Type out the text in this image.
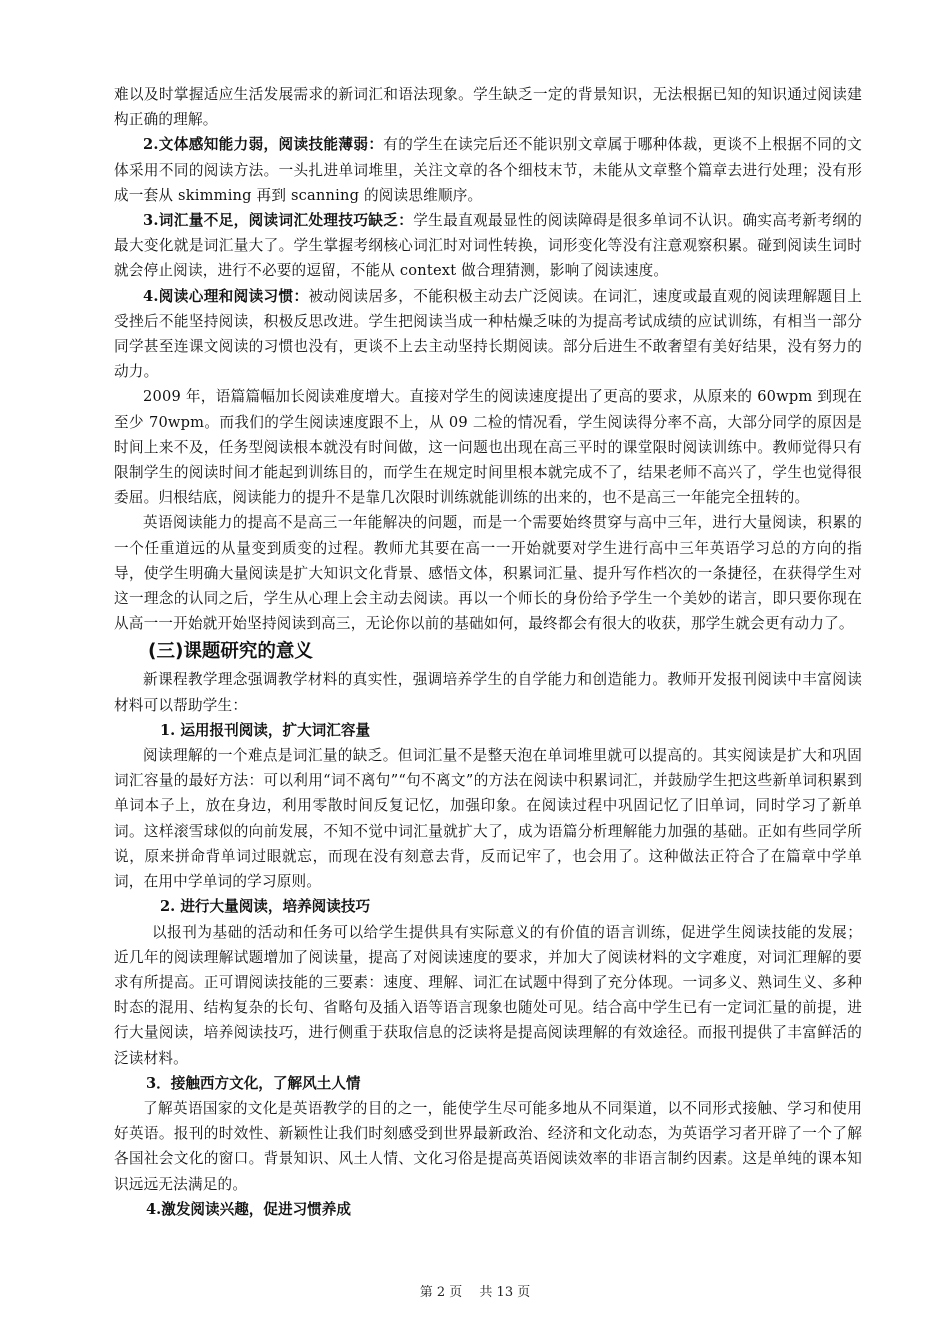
难以及时掌握适应生活发展需求的新词汇和语法现象。学生缺乏一定的背景知识，无法根据已知的知识通过阅读建构正确的理解。

2.文体感知能力弱，阅读技能薄弱：有的学生在读完后还不能识别文章属于哪种体裁，更谈不上根据不同的文体采用不同的阅读方法。一头扎进单词堆里，关注文章的各个细枝末节，未能从文章整个篇章去进行处理；没有形成一套从 skimming 再到 scanning 的阅读思维顺序。

3.词汇量不足，阅读词汇处理技巧缺乏：学生最直观最显性的阅读障碍是很多单词不认识。确实高考新考纲的最大变化就是词汇量大了。学生掌握考纲核心词汇时对词性转换，词形变化等没有注意观察积累。碰到阅读生词时就会停止阅读，进行不必要的逗留，不能从 context 做合理猜测，影响了阅读速度。

4.阅读心理和阅读习惯：被动阅读居多，不能积极主动去广泛阅读。在词汇，速度或最直观的阅读理解题目上受挫后不能坚持阅读，积极反思改进。学生把阅读当成一种枯燥乏味的为提高考试成绩的应试训练，有相当一部分同学甚至连课文阅读的习惯也没有，更谈不上去主动坚持长期阅读。部分后进生不敢奢望有美好结果，没有努力的动力。

2009 年，语篇篇幅加长阅读难度增大。直接对学生的阅读速度提出了更高的要求，从原来的 60wpm 到现在至少 70wpm。而我们的学生阅读速度跟不上，从 09 二检的情况看，学生阅读得分率不高，大部分同学的原因是时间上来不及，任务型阅读根本就没有时间做，这一问题也出现在高三平时的课堂限时阅读训练中。教师觉得只有限制学生的阅读时间才能起到训练目的，而学生在规定时间里根本就完成不了，结果老师不高兴了，学生也觉得很委屈。归根结底，阅读能力的提升不是靠几次限时训练就能训练的出来的，也不是高三一年能完全扭转的。

英语阅读能力的提高不是高三一年能解决的问题，而是一个需要始终贯穿与高中三年，进行大量阅读，积累的一个任重道远的从量变到质变的过程。教师尤其要在高一一开始就要对学生进行高中三年英语学习总的方向的指导，使学生明确大量阅读是扩大知识文化背景、感悟文体，积累词汇量、提升写作档次的一条捷径，在获得学生对这一理念的认同之后，学生从心理上会主动去阅读。再以一个师长的身份给予学生一个美妙的诺言，即只要你现在从高一一开始就开始坚持阅读到高三，无论你以前的基础如何，最终都会有很大的收获，那学生就会更有动力了。

(三)课题研究的意义

新课程教学理念强调教学材料的真实性，强调培养学生的自学能力和创造能力。教师开发报刊阅读中丰富阅读材料可以帮助学生：

1. 运用报刊阅读，扩大词汇容量

阅读理解的一个难点是词汇量的缺乏。但词汇量不是整天泡在单词堆里就可以提高的。其实阅读是扩大和巩固词汇容量的最好方法：可以利用“词不离句”“句不离文”的方法在阅读中积累词汇，并鼓励学生把这些新单词积累到单词本子上，放在身边，利用零散时间反复记忆，加强印象。在阅读过程中巩固记忆了旧单词，同时学习了新单词。这样滚雪球似的向前发展，不知不觉中词汇量就扩大了，成为语篇分析理解能力加强的基础。正如有些同学所说，原来拼命背单词过眼就忘，而现在没有刻意去背，反而记牢了，也会用了。这种做法正符合了在篇章中学单词，在用中学单词的学习原则。

2. 进行大量阅读，培养阅读技巧

以报刊为基础的活动和任务可以给学生提供具有实际意义的有价值的语言训练，促进学生阅读技能的发展；近几年的阅读理解试题增加了阅读量，提高了对阅读速度的要求，并加大了阅读材料的文字难度，对词汇理解的要求有所提高。正可谓阅读技能的三要素：速度、理解、词汇在试题中得到了充分体现。一词多义、熟词生义、多种时态的混用、结构复杂的长句、省略句及插入语等语言现象也随处可见。结合高中学生已有一定词汇量的前提，进行大量阅读，培养阅读技巧，进行侧重于获取信息的泛读将是提高阅读理解的有效途径。而报刊提供了丰富鲜活的泛读材料。

3．接触西方文化，了解风土人情

了解英语国家的文化是英语教学的目的之一，能使学生尽可能多地从不同渠道，以不同形式接触、学习和使用好英语。报刊的时效性、新颖性让我们时刻感受到世界最新政治、经济和文化动态，为英语学习者开辟了一个了解各国社会文化的窗口。背景知识、风土人情、文化习俗是提高英语阅读效率的非语言制约因素。这是单纯的课本知识远远无法满足的。

4.激发阅读兴趣，促进习惯养成
第 2 页　 共 13 页
